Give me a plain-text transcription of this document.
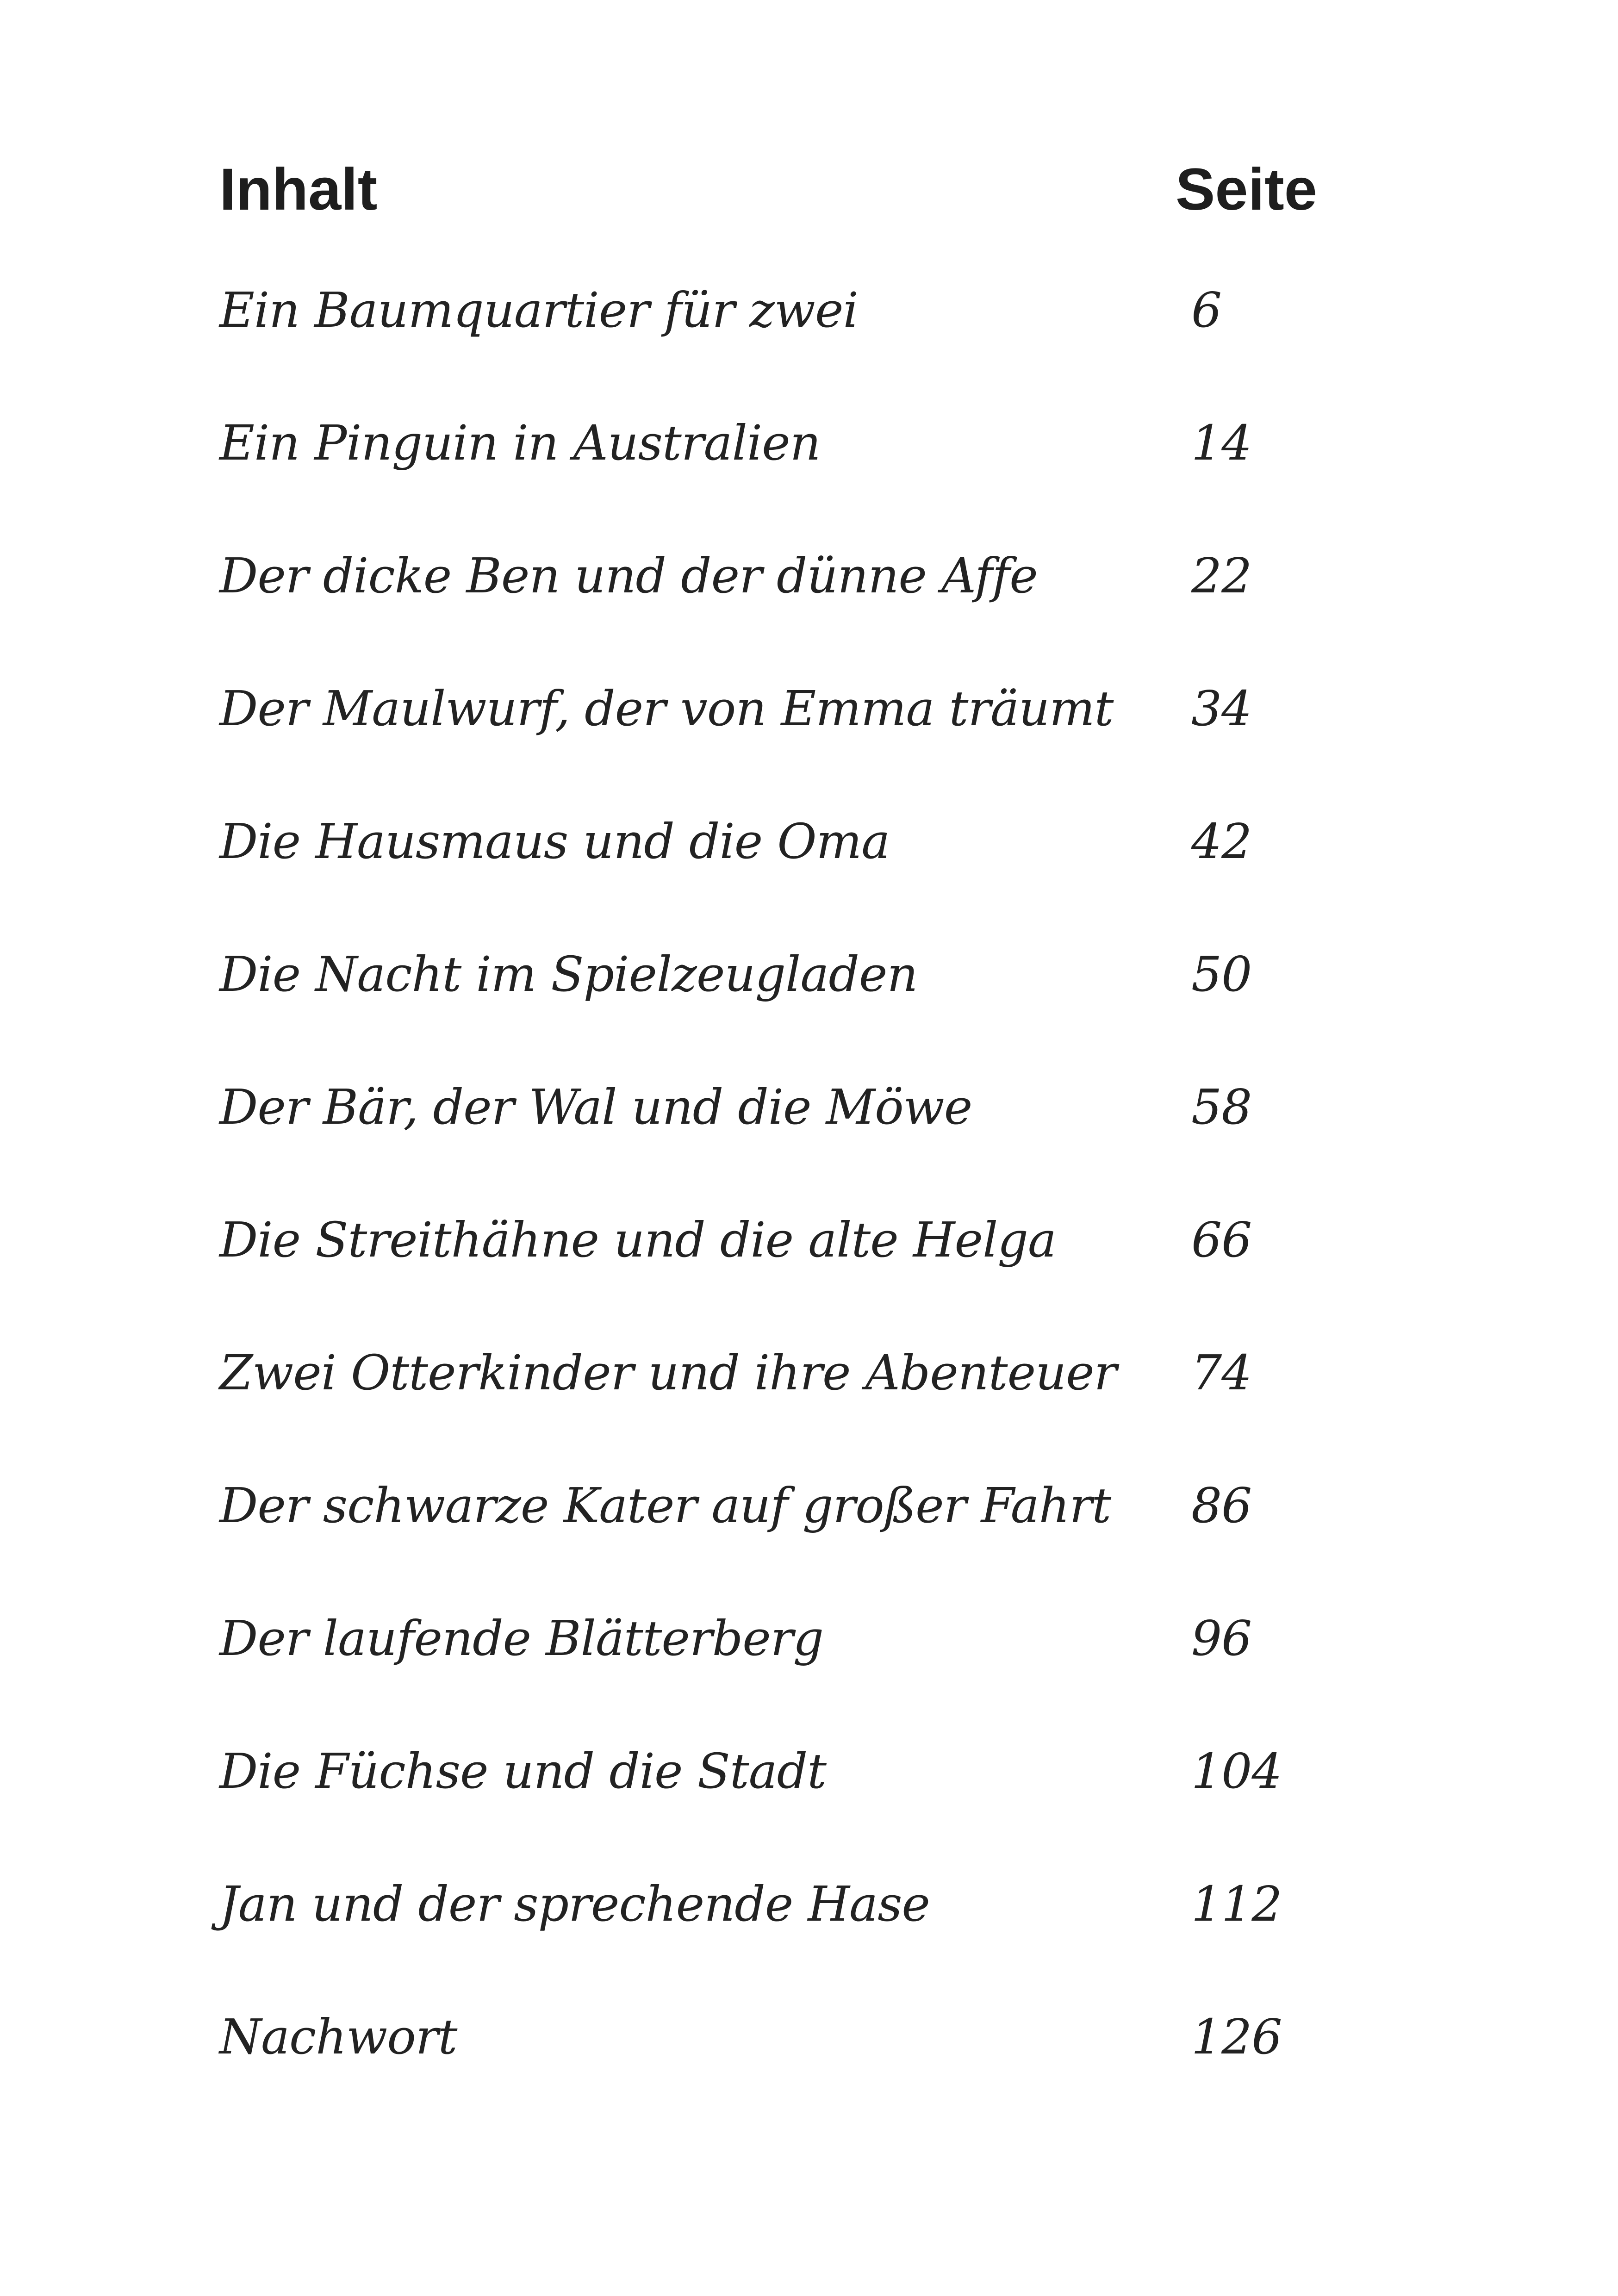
Inhalt	Seite
Ein Baumquartier für zwei	6
Ein Pinguin in Australien	14
Der dicke Ben und der dünne Affe	22
Der Maulwurf, der von Emma träumt 34
Die Hausmaus und die Oma	42
Die Nacht im Spielzeugladen	50
Der Bär, der Wal und die Möwe	58
Die Streithähne und die alte Helga	66
Zwei Otterkinder und ihre Abenteuer 74
Der schwarze Kater auf großer Fahrt 86
Der laufende Blätterberg	96
Die Füchse und die Stadt	104
Jan und der sprechende Hase	112
Nachwort	126
